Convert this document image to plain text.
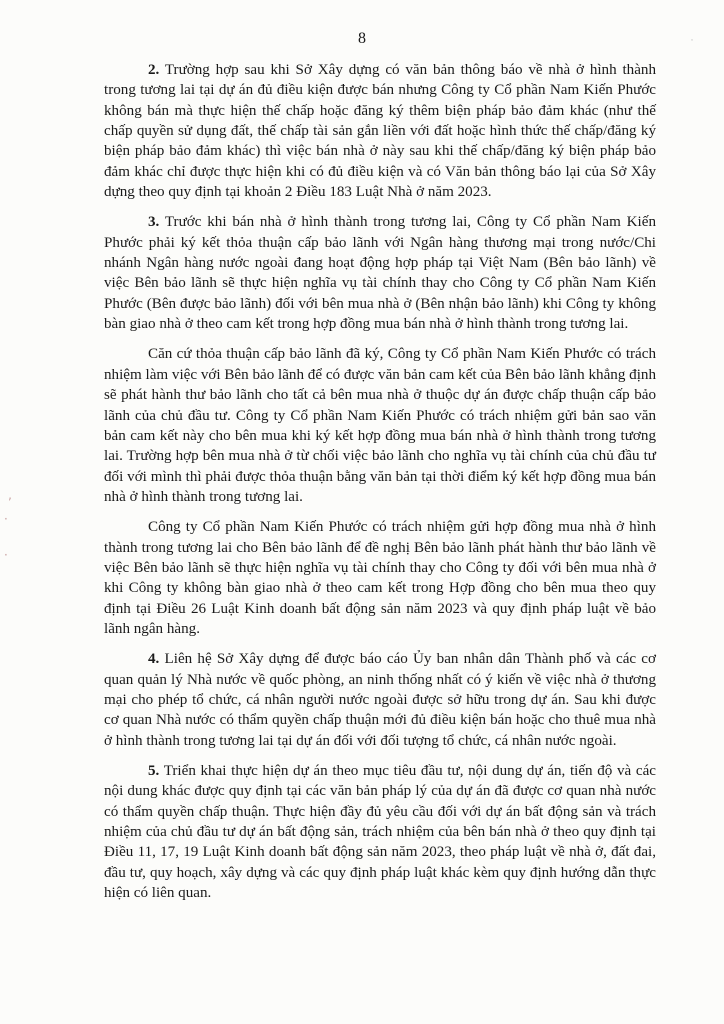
8

2. Trường hợp sau khi Sở Xây dựng có văn bản thông báo về nhà ở hình thành trong tương lai tại dự án đủ điều kiện được bán nhưng Công ty Cổ phần Nam Kiến Phước không bán mà thực hiện thế chấp hoặc đăng ký thêm biện pháp bảo đảm khác (như thế chấp quyền sử dụng đất, thế chấp tài sản gắn liền với đất hoặc hình thức thế chấp/đăng ký biện pháp bảo đảm khác) thì việc bán nhà ở này sau khi thế chấp/đăng ký biện pháp bảo đảm khác chỉ được thực hiện khi có đủ điều kiện và có Văn bản thông báo lại của Sở Xây dựng theo quy định tại khoản 2 Điều 183 Luật Nhà ở năm 2023.

3. Trước khi bán nhà ở hình thành trong tương lai, Công ty Cổ phần Nam Kiến Phước phải ký kết thỏa thuận cấp bảo lãnh với Ngân hàng thương mại trong nước/Chi nhánh Ngân hàng nước ngoài đang hoạt động hợp pháp tại Việt Nam (Bên bảo lãnh) về việc Bên bảo lãnh sẽ thực hiện nghĩa vụ tài chính thay cho Công ty Cổ phần Nam Kiến Phước (Bên được bảo lãnh) đối với bên mua nhà ở (Bên nhận bảo lãnh) khi Công ty không bàn giao nhà ở theo cam kết trong hợp đồng mua bán nhà ở hình thành trong tương lai.

Căn cứ thỏa thuận cấp bảo lãnh đã ký, Công ty Cổ phần Nam Kiến Phước có trách nhiệm làm việc với Bên bảo lãnh để có được văn bản cam kết của Bên bảo lãnh khẳng định sẽ phát hành thư bảo lãnh cho tất cả bên mua nhà ở thuộc dự án được chấp thuận cấp bảo lãnh của chủ đầu tư. Công ty Cổ phần Nam Kiến Phước có trách nhiệm gửi bản sao văn bản cam kết này cho bên mua khi ký kết hợp đồng mua bán nhà ở hình thành trong tương lai. Trường hợp bên mua nhà ở từ chối việc bảo lãnh cho nghĩa vụ tài chính của chủ đầu tư đối với mình thì phải được thỏa thuận bằng văn bản tại thời điểm ký kết hợp đồng mua bán nhà ở hình thành trong tương lai.

Công ty Cổ phần Nam Kiến Phước có trách nhiệm gửi hợp đồng mua nhà ở hình thành trong tương lai cho Bên bảo lãnh để đề nghị Bên bảo lãnh phát hành thư bảo lãnh về việc Bên bảo lãnh sẽ thực hiện nghĩa vụ tài chính thay cho Công ty đối với bên mua nhà ở khi Công ty không bàn giao nhà ở theo cam kết trong Hợp đồng cho bên mua theo quy định tại Điều 26 Luật Kinh doanh bất động sản năm 2023 và quy định pháp luật về bảo lãnh ngân hàng.

4. Liên hệ Sở Xây dựng để được báo cáo Ủy ban nhân dân Thành phố và các cơ quan quản lý Nhà nước về quốc phòng, an ninh thống nhất có ý kiến về việc nhà ở thương mại cho phép tổ chức, cá nhân người nước ngoài được sở hữu trong dự án. Sau khi được cơ quan Nhà nước có thẩm quyền chấp thuận mới đủ điều kiện bán hoặc cho thuê mua nhà ở hình thành trong tương lai tại dự án đối với đối tượng tổ chức, cá nhân nước ngoài.

5. Triển khai thực hiện dự án theo mục tiêu đầu tư, nội dung dự án, tiến độ và các nội dung khác được quy định tại các văn bản pháp lý của dự án đã được cơ quan nhà nước có thẩm quyền chấp thuận. Thực hiện đầy đủ yêu cầu đối với dự án bất động sản và trách nhiệm của chủ đầu tư dự án bất động sản, trách nhiệm của bên bán nhà ở theo quy định tại Điều 11, 17, 19 Luật Kinh doanh bất động sản năm 2023, theo pháp luật về nhà ở, đất đai, đầu tư, quy hoạch, xây dựng và các quy định pháp luật khác kèm quy định hướng dẫn thực hiện có liên quan.

‚
·
·
˙
